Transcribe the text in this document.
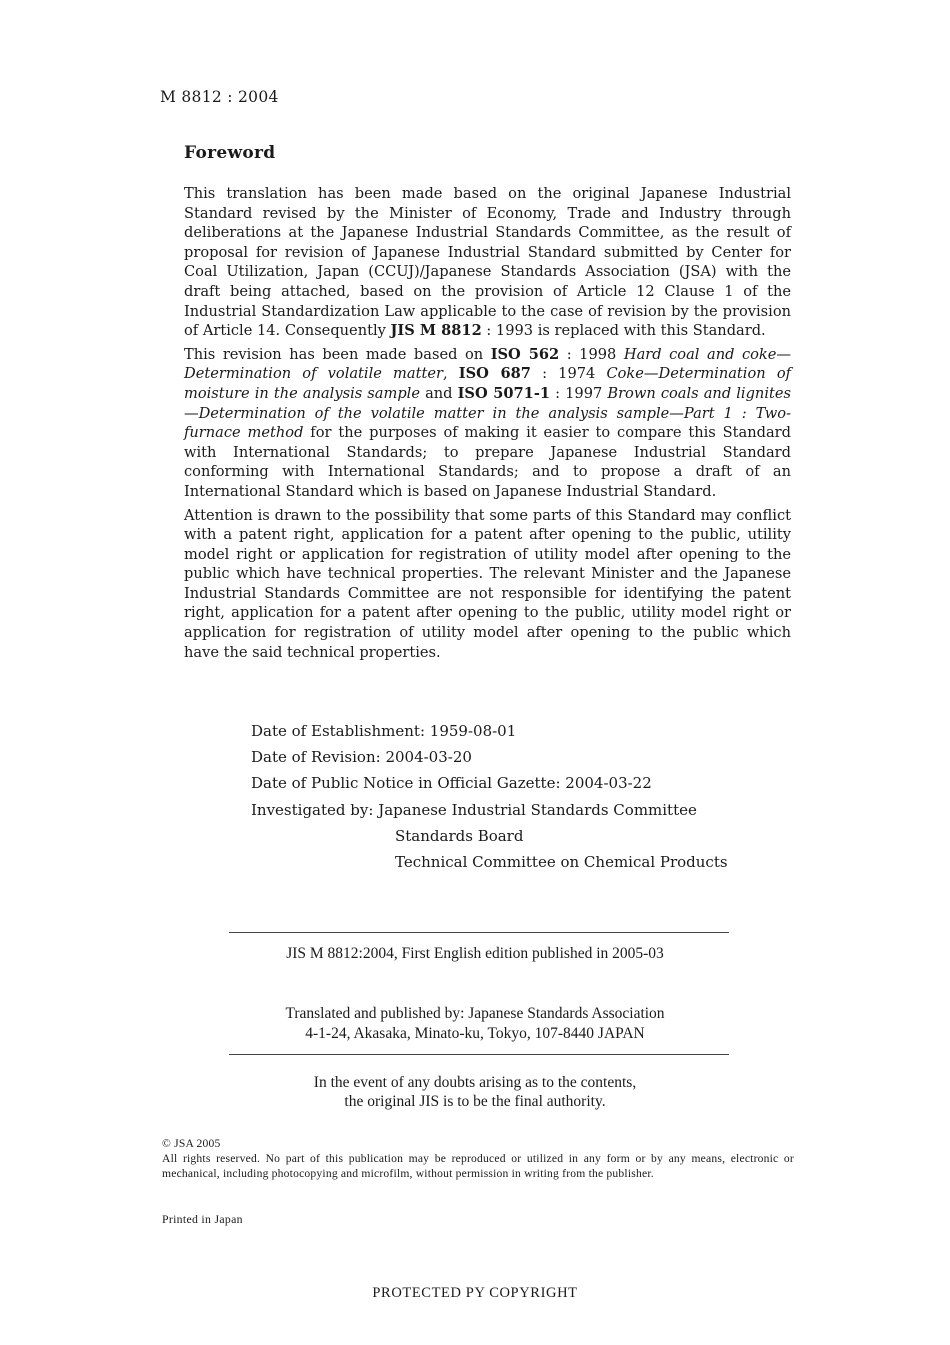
M 8812 : 2004
Foreword

This translation has been made based on the original Japanese Industrial Standard revised by the Minister of Economy, Trade and Industry through deliberations at the Japanese Industrial Standards Committee, as the result of proposal for revision of Japanese Industrial Standard submitted by Center for Coal Utilization, Japan (CCUJ)/Japanese Standards Association (JSA) with the draft being attached, based on the provision of Article 12 Clause 1 of the Industrial Standardization Law applicable to the case of revision by the provision of Article 14. Consequently JIS M 8812 : 1993 is replaced with this Standard.

This revision has been made based on ISO 562 : 1998 Hard coal and coke—Determination of volatile matter, ISO 687 : 1974 Coke—Determination of moisture in the analysis sample and ISO 5071-1 : 1997 Brown coals and lignites—Determination of the volatile matter in the analysis sample—Part 1 : Two-furnace method for the purposes of making it easier to compare this Standard with International Standards; to prepare Japanese Industrial Standard conforming with International Standards; and to propose a draft of an International Standard which is based on Japanese Industrial Standard.

Attention is drawn to the possibility that some parts of this Standard may conflict with a patent right, application for a patent after opening to the public, utility model right or application for registration of utility model after opening to the public which have technical properties. The relevant Minister and the Japanese Industrial Standards Committee are not responsible for identifying the patent right, application for a patent after opening to the public, utility model right or application for registration of utility model after opening to the public which have the said technical properties.

Date of Establishment: 1959-08-01
Date of Revision: 2004-03-20
Date of Public Notice in Official Gazette: 2004-03-22
Investigated by: Japanese Industrial Standards Committee
Standards Board
Technical Committee on Chemical Products
JIS M 8812:2004, First English edition published in 2005-03
Translated and published by: Japanese Standards Association
4-1-24, Akasaka, Minato-ku, Tokyo, 107-8440 JAPAN
In the event of any doubts arising as to the contents,
the original JIS is to be the final authority.
© JSA 2005
All rights reserved. No part of this publication may be reproduced or utilized in any form or by any means, electronic or mechanical, including photocopying and microfilm, without permission in writing from the publisher.
Printed in Japan
PROTECTED PY COPYRIGHT
